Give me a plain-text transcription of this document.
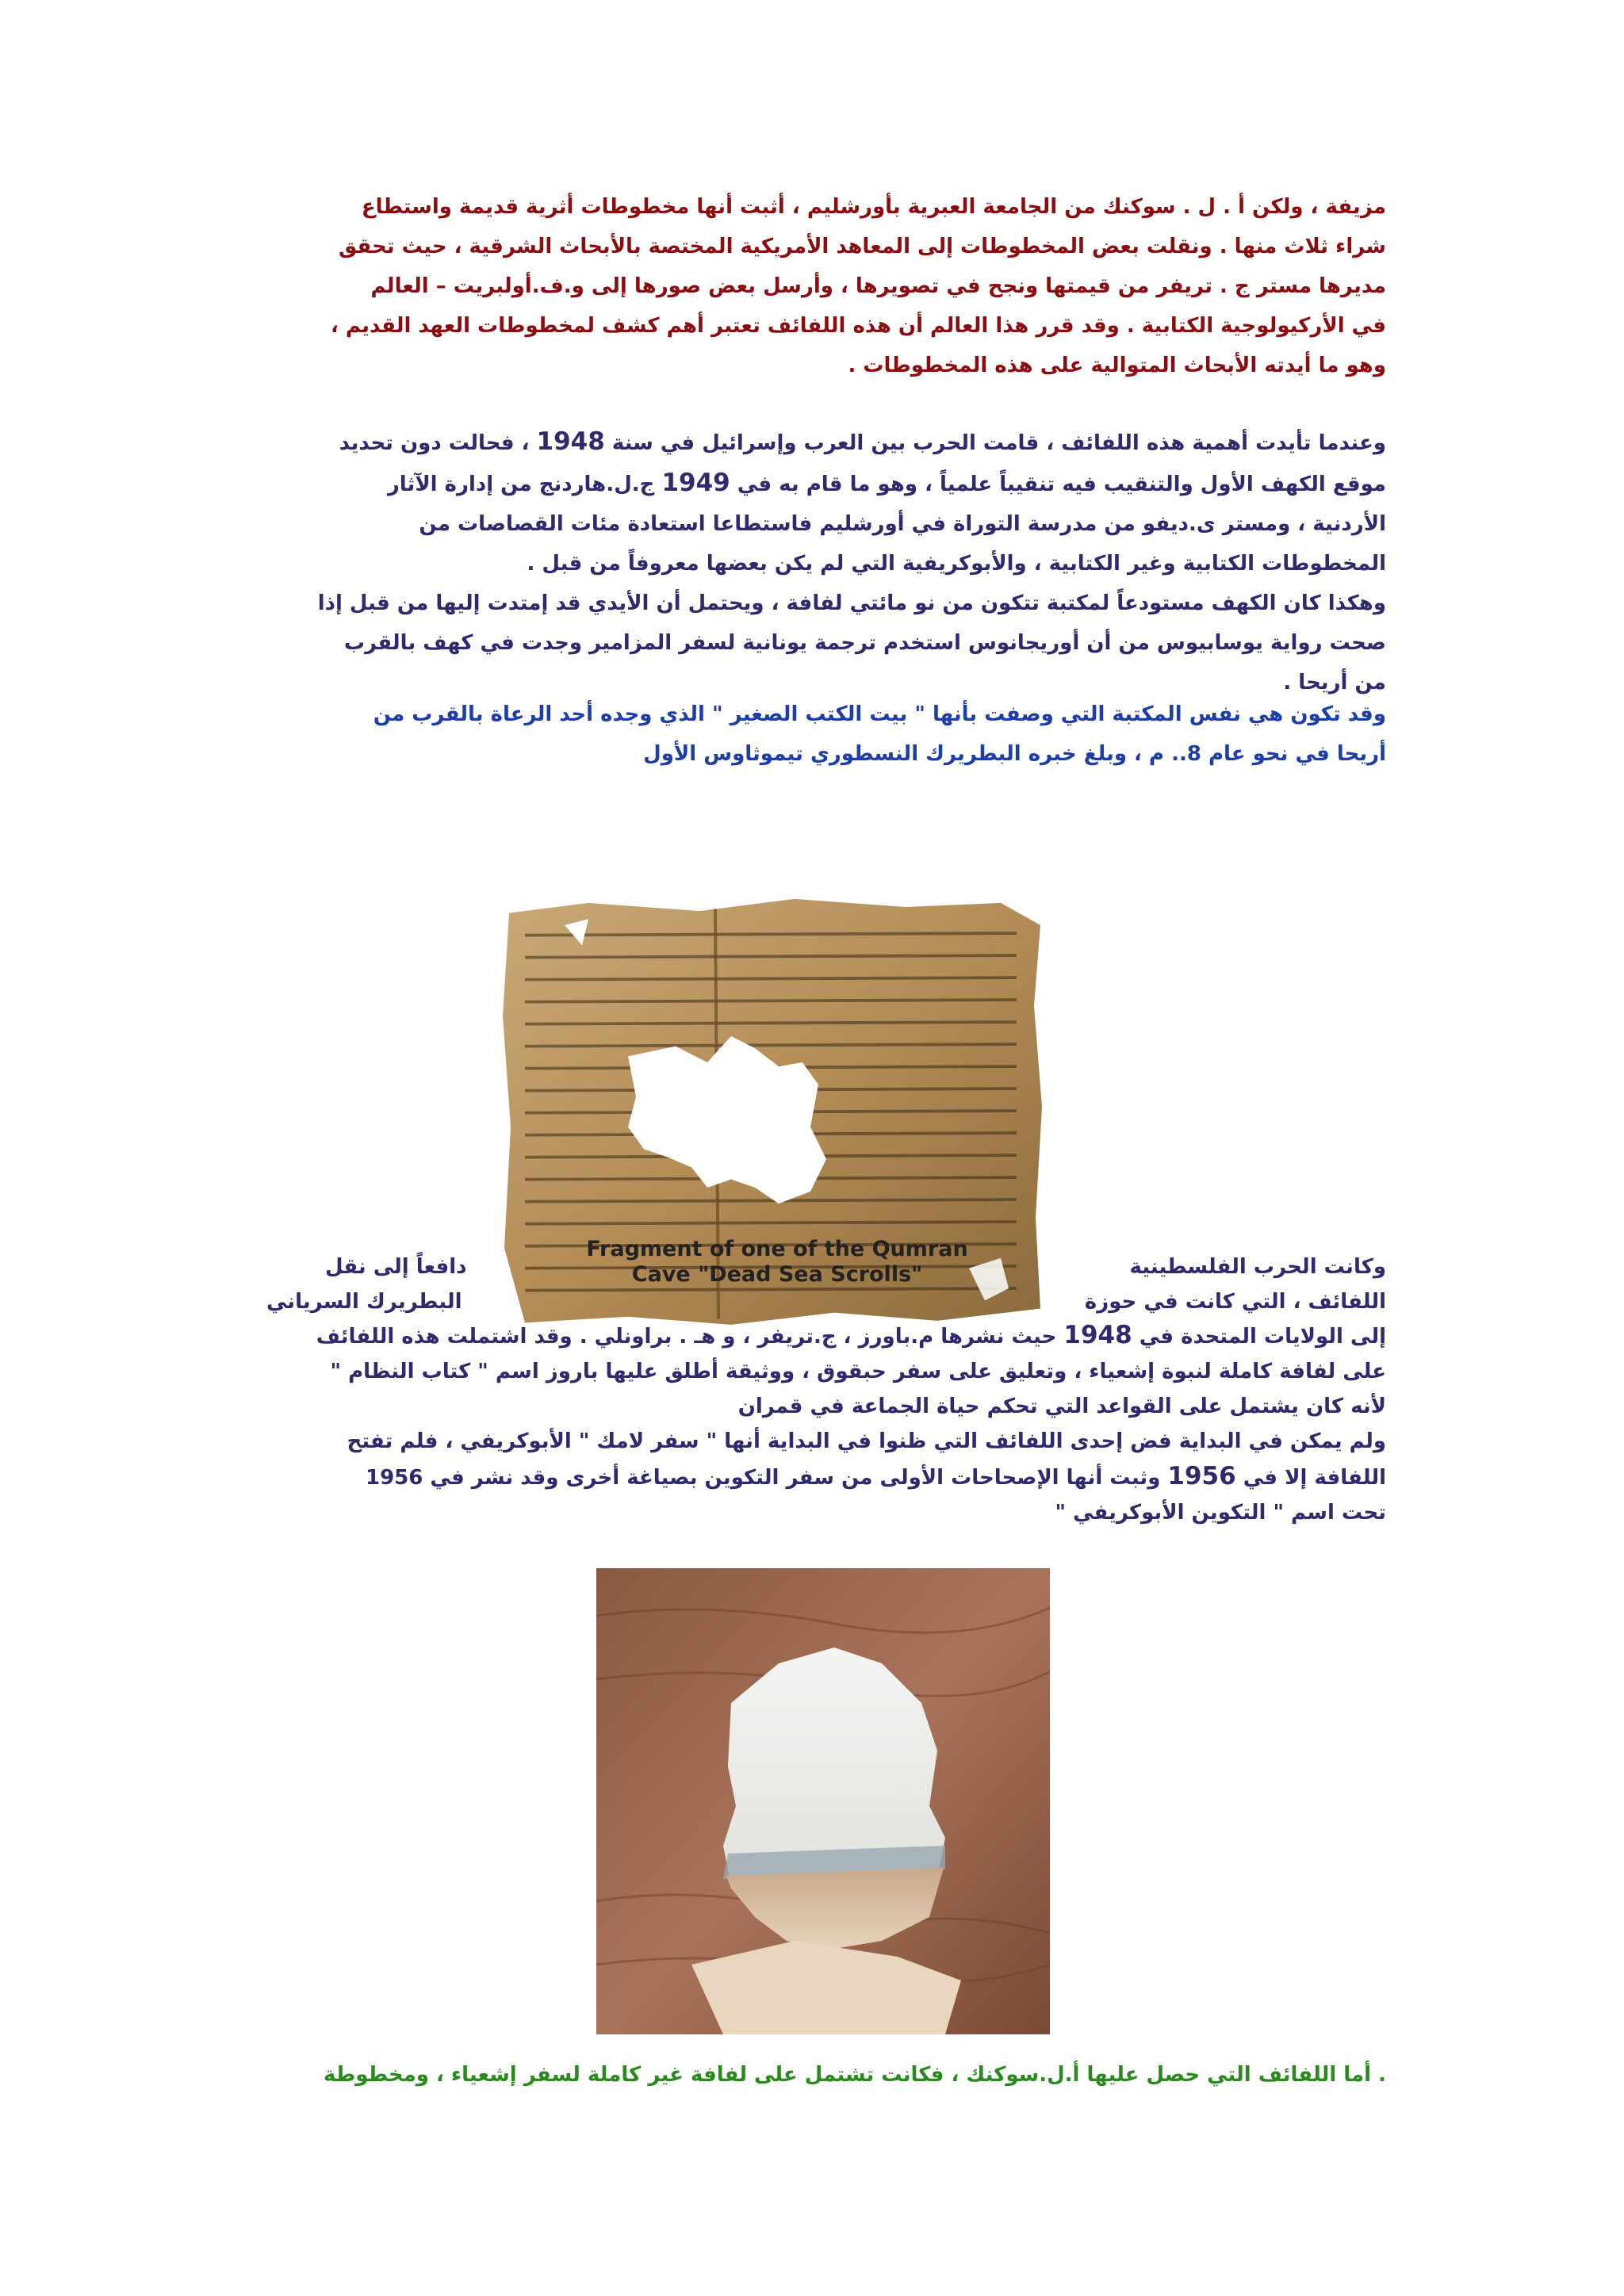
مزيفة ، ولكن أ . ل . سوكنك من الجامعة العبرية بأورشليم ، أثبت أنها مخطوطات أثرية قديمة واستطاع
شراء ثلاث منها . ونقلت بعض المخطوطات إلى المعاهد الأمريكية المختصة بالأبحاث الشرقية ، حيث تحقق
مديرها مستر ج . تريفر من قيمتها ونجح في تصويرها ، وأرسل بعض صورها إلى و.ف.أولبريت – العالم
في الأركيولوجية الكتابية . وقد قرر هذا العالم أن هذه اللفائف تعتبر أهم كشف لمخطوطات العهد القديم ،
وهو ما أيدته الأبحاث المتوالية على هذه المخطوطات .
وعندما تأيدت أهمية هذه اللفائف ، قامت الحرب بين العرب وإسرائيل في سنة 1948 ، فحالت دون تحديد
موقع الكهف الأول والتنقيب فيه تنقيباً علمياً ، وهو ما قام به في 1949 ج.ل.هاردنج من إدارة الآثار
الأردنية ، ومستر ى.ديفو من مدرسة التوراة في أورشليم فاستطاعا استعادة مئات القصاصات من
المخطوطات الكتابية وغير الكتابية ، والأبوكريفية التي لم يكن بعضها معروفاً من قبل .
وهكذا كان الكهف مستودعاً لمكتبة تتكون من نو مائتي لفافة ، ويحتمل أن الأيدي قد إمتدت إليها من قبل إذا
صحت رواية يوسابيوس من أن أوريجانوس استخدم ترجمة يونانية لسفر المزامير وجدت في كهف بالقرب
من أريحا .
وقد تكون هي نفس المكتبة التي وصفت بأنها " بيت الكتب الصغير " الذي وجده أحد الرعاة بالقرب من
أريحا في نحو عام 8.. م ، وبلغ خبره البطريرك النسطوري تيموثاوس الأول
Fragment of one of the Qumran
Cave "Dead Sea Scrolls"	وكانت الحرب الفلسطينية
دافعاً إلى نقل
اللفائف ، التي كانت في حوزة
البطريرك السرياني
إلى الولايات المتحدة في 1948 حيث نشرها م.باورز ، ج.تريفر ، و هـ . براونلي . وقد اشتملت هذه اللفائف
على لفافة كاملة لنبوة إشعياء ، وتعليق على سفر حبقوق ، ووثيقة أطلق عليها باروز اسم " كتاب النظام "
لأنه كان يشتمل على القواعد التي تحكم حياة الجماعة في قمران
ولم يمكن في البداية فض إحدى اللفائف التي ظنوا في البداية أنها " سفر لامك " الأبوكريفي ، فلم تفتح
اللفافة إلا في 1956 وثبت أنها الإصحاحات الأولى من سفر التكوين بصياغة أخرى وقد نشر في 1956
تحت اسم " التكوين الأبوكريفي "
. أما اللفائف التي حصل عليها أ.ل.سوكنك ، فكانت تشتمل على لفافة غير كاملة لسفر إشعياء ، ومخطوطة
